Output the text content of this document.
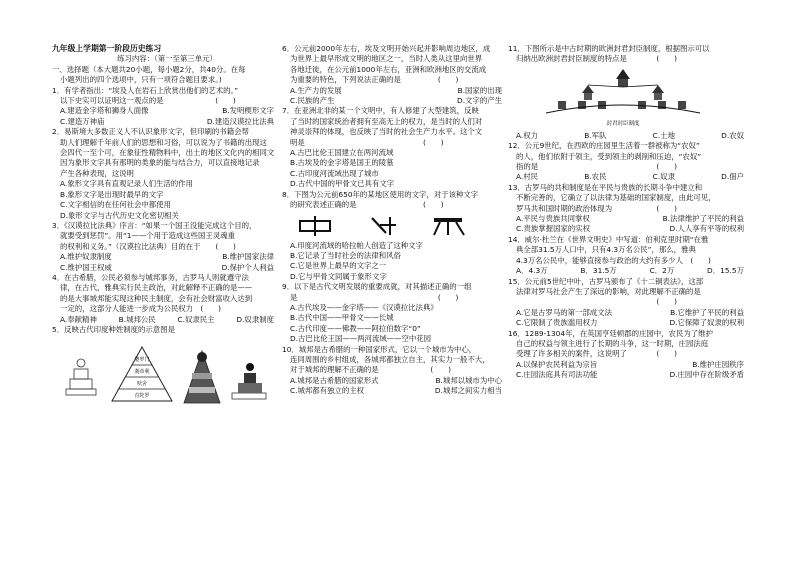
九年级上学期第一阶段历史练习
练习内容：（第一至第三单元）
一、选择题（本大题共20小题，每小题2分，共40分。在每
小题列出的四个选项中，只有一项符合题目要求。)
1．有学者指出：“埃及人在岩石上欣赏出他们的艺术的。”
以下史实可以证明这一观点的是　　　　　　　(　　)
A.建造金字塔和狮身人面像	B.发明楔形文字
C.建造万神庙	D.建造汉谟拉比法典
2．易斯境大多数正义人不认识象形文字，但印刷的书籍会帮
助人们理解千年前人们的思想和习俗，可以说为了书籍的出现这
会四代一至个可，在象征性精物料中，出土的地区文化内的相同文
因为象形文字具有那明的类象的能与结合力，可以直接地记录
产生各种表现，这说明
A.象形文字具有直观记录人们生活的作用
B.象形文字是出现时最早的文字
C.文字相信的在任何社会中都使用
D.象形文字与古代历史文化密切相关
3．《汉谟拉比法典》序言：“如果一个国王没能完成这个目的，
就要受到惩罚”。用“1——个用于造成这些国王灵魂重
的权利和义务。”（汉谟拉比法典）目的在于　　(　　)
A.维护奴隶制度	B.维护国家法律
C.维护国王权威	D.保护个人利益
4．在古希腊，公民必须参与城邦事务，古罗马人则就遵守法
律，在古代，雅典实行民主政治，对此解释不正确的是——
的是大事城邦能实现这种民主制度，会有社会财富收入达到
一定的，这部分人能进一步成为公民权力　(　　)
A.奉献精神	B.城邦公民	C.奴隶民主	D.奴隶制度
5．反映古代印度种姓制度的示意图是
婆罗门
刹帝利
吠舍
首陀罗
6．公元前2000年左右，埃及文明开始兴起并影响周边地区，成
为世界上最早形成文明的地区之一，当时人类从这里向世界
各地迁徙，在公元前1000年左右，亚洲和欧洲地区的交流成
为重要的特色，下列说法正确的是　　　　　(　　)
A.生产力的发展	B.国家的出现
C.民族的产生	D.文字的产生
7．在亚洲北非的某一个文明中，有人修建了大型建筑，反映
了当时的国家统治者拥有至高无上的权力，是当时的人们对
神灵崇拜的体现，也反映了当时的社会生产力水平。这个文
明是　　　　　　　　　　　　　　　　(　　)
A.古巴比伦王国建立在两河流域
B.古埃及的金字塔是国王的陵墓
C.古印度河流域出现了城市
D.古代中国的甲骨文已具有文字
8．下图为公元前650年的某地区使用的文字，对于该种文字
的研究表述正确的是　　　　　　　　　(　　)
A.印度河流域的哈拉帕人创造了这种文字
B.它记录了当时社会的法律和风俗
C.它是世界上最早的文字之一
D.它与甲骨文同属于象形文字
9．以下是古代文明发展的重要成就，对其描述正确的一组
是　　　　　　　　　　　　　　　　　　　(　　)
A.古代埃及——金字塔——《汉谟拉比法典》
B.古代中国——甲骨文——长城
C.古代印度——佛教——阿拉伯数字“0”
D.古巴比伦王国——两河流域——空中花园
10．城邦是古希腊的一种国家形式，它以一个城市为中心，
连同周围的乡村组成，各城邦都独立自主，其实力一般不大，
对于城邦的理解不正确的是　　　　　　　(　　)
A.城邦是古希腊的国家形式	B.城邦以城市为中心
C.城邦都有独立的主权	D.城邦之间实力相当
11．下图所示是中古时期的欧洲封君封臣制度，根据图示可以
归纳出欧洲封君封臣制度的特点是　　　　(　　)
封君封臣制度
A.权力	B.军队	C.土地	D.农奴
12．公元9世纪，在西欧的庄园里生活着一群被称为“农奴”
的人，他们依附于领主，受到领主的剥削和压迫，“农奴”
指的是　　　　　　　　　　　　　　　　(　　)
A.村民	B.农民	C.奴隶	D.佃户
13．古罗马的共和制度是在平民与贵族的长期斗争中建立和
不断完善的，它确立了以法律为基础的国家制度，由此可见，
罗马共和国时期的政治体现为　　　　　　(　　)
A.平民与贵族共同掌权	B.法律维护了平民的利益
C.贵族掌握国家的实权	D.人人享有平等的权利
14．威尔·杜兰在《世界文明史》中写道：伯利克里时期“在雅
典全部31.5万人口中，只有4.3万名公民”，那么，雅典
4.3万名公民中，能够直接参与政治的大约有多少人　(　　)
A．4.3万	B．31.5万	C．2万	D．15.5万
15．公元前5世纪中叶，古罗马颁布了《十二铜表法》，这部
法律对罗马社会产生了深远的影响，对此理解不正确的是
　　　　　　　　　　　　　　　　　　　(　　)
A.它是古罗马的第一部成文法	B.它维护了平民的利益
C.它限制了贵族滥用权力	D.它保障了奴隶的权利
16．1289-1304年，在英国亨廷顿郡的庄园中，农民为了维护
自己的权益与领主进行了长期的斗争，这一时期，庄园法庭
受理了许多相关的案件，这说明了　　　　(　　)
A.以保护农民利益为宗旨	B.维护庄园秩序
C.庄园法庭具有司法功能	D.庄园中存在阶级矛盾
